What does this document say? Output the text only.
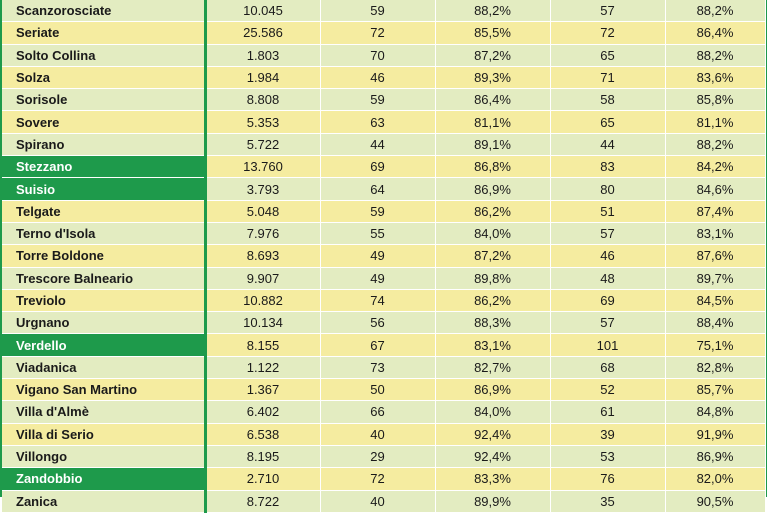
Scanzorosciate	10.045	59	88,2%	57	88,2%
Seriate	25.586	72	85,5%	72	86,4%
Solto Collina	1.803	70	87,2%	65	88,2%
Solza	1.984	46	89,3%	71	83,6%
Sorisole	8.808	59	86,4%	58	85,8%
Sovere	5.353	63	81,1%	65	81,1%
Spirano	5.722	44	89,1%	44	88,2%
Stezzano	13.760	69	86,8%	83	84,2%
Suisio	3.793	64	86,9%	80	84,6%
Telgate	5.048	59	86,2%	51	87,4%
Terno d'Isola	7.976	55	84,0%	57	83,1%
Torre Boldone	8.693	49	87,2%	46	87,6%
Trescore Balneario	9.907	49	89,8%	48	89,7%
Treviolo	10.882	74	86,2%	69	84,5%
Urgnano	10.134	56	88,3%	57	88,4%
Verdello	8.155	67	83,1%	101	75,1%
Viadanica	1.122	73	82,7%	68	82,8%
Vigano San Martino	1.367	50	86,9%	52	85,7%
Villa d'Almè	6.402	66	84,0%	61	84,8%
Villa di Serio	6.538	40	92,4%	39	91,9%
Villongo	8.195	29	92,4%	53	86,9%
Zandobbio	2.710	72	83,3%	76	82,0%
Zanica	8.722	40	89,9%	35	90,5%
